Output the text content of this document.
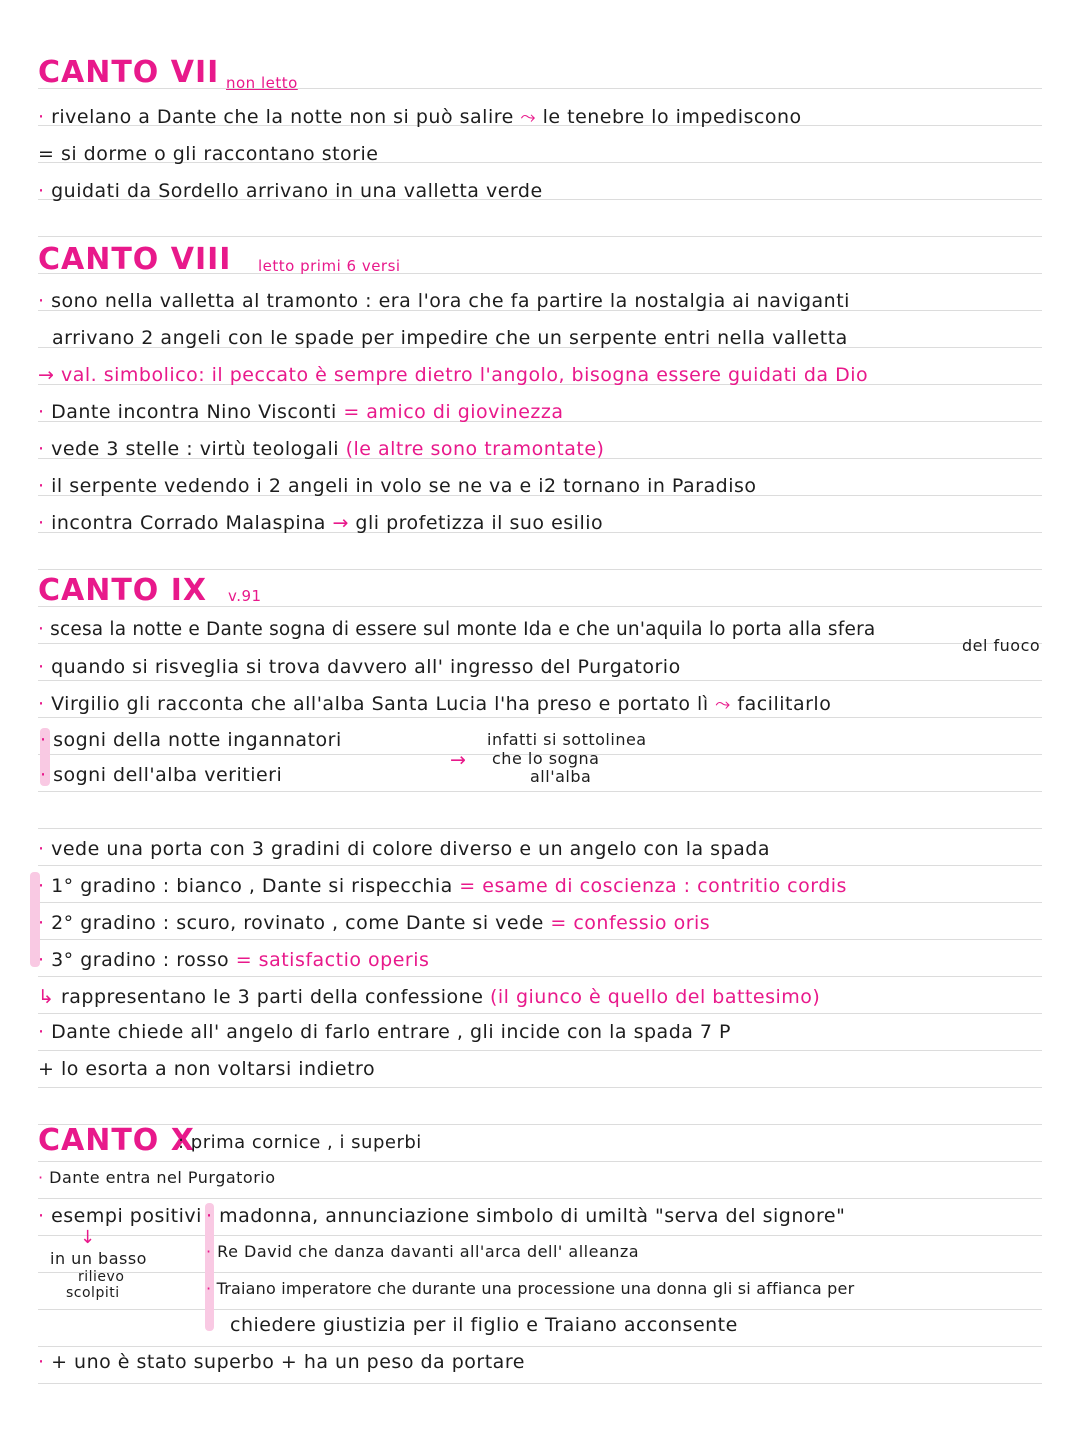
CANTO VII non letto
· rivelano a Dante che la notte non si può salire ⤳ le tenebre lo impediscono
= si dorme o gli raccontano storie
· guidati da Sordello arrivano in una valletta verde
CANTO VIII letto primi 6 versi
· sono nella valletta al tramonto : era l'ora che fa partire la nostalgia ai naviganti
arrivano 2 angeli con le spade per impedire che un serpente entri nella valletta
→ val. simbolico: il peccato è sempre dietro l'angolo, bisogna essere guidati da Dio
· Dante incontra Nino Visconti = amico di giovinezza
· vede 3 stelle : virtù teologali (le altre sono tramontate)
· il serpente vedendo i 2 angeli in volo se ne va e i2 tornano in Paradiso
· incontra Corrado Malaspina → gli profetizza il suo esilio
CANTO IX v.91
· scesa la notte e Dante sogna di essere sul monte Ida e che un'aquila lo porta alla sfera
del fuoco
· quando si risveglia si trova davvero all' ingresso del Purgatorio
· Virgilio gli racconta che all'alba Santa Lucia l'ha preso e portato lì ⤳ facilitarlo
· sogni della notte ingannatori
· sogni dell'alba veritieri
→
infatti si sottolinea
che lo sogna
all'alba
· vede una porta con 3 gradini di colore diverso e un angelo con la spada
· 1° gradino : bianco , Dante si rispecchia = esame di coscienza : contritio cordis
· 2° gradino : scuro, rovinato , come Dante si vede = confessio oris
· 3° gradino : rosso = satisfactio operis
↳ rappresentano le 3 parti della confessione (il giunco è quello del battesimo)
· Dante chiede all' angelo di farlo entrare , gli incide con la spada 7 P
+ lo esorta a non voltarsi indietro
CANTO X
: prima cornice , i superbi
· Dante entra nel Purgatorio
· esempi positivi
↓
in un basso
rilievo
scolpiti
· madonna, annunciazione simbolo di umiltà "serva del signore"
· Re David che danza davanti all'arca dell' alleanza
· Traiano imperatore che durante una processione una donna gli si affianca per
chiedere giustizia per il figlio e Traiano acconsente
· + uno è stato superbo + ha un peso da portare
